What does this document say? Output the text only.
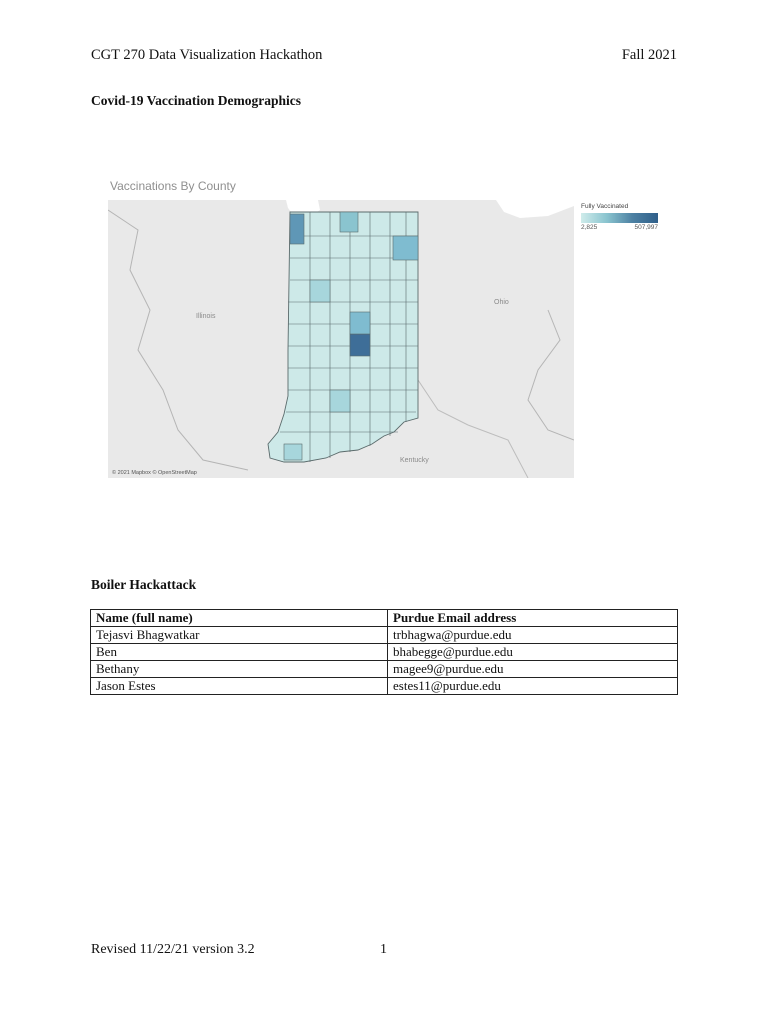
CGT 270 Data Visualization Hackathon	Fall 2021
Covid-19 Vaccination Demographics
Vaccinations By County
Illinois
Ohio
Kentucky
© 2021 Mapbox © OpenStreetMap
Fully Vaccinated
2,825	507,997
Boiler Hackattack
Name (full name)	Purdue Email address
Tejasvi Bhagwatkar	trbhagwa@purdue.edu
Ben	bhabegge@purdue.edu
Bethany	magee9@purdue.edu
Jason Estes	estes11@purdue.edu
Revised 11/22/21 version 3.2	1
